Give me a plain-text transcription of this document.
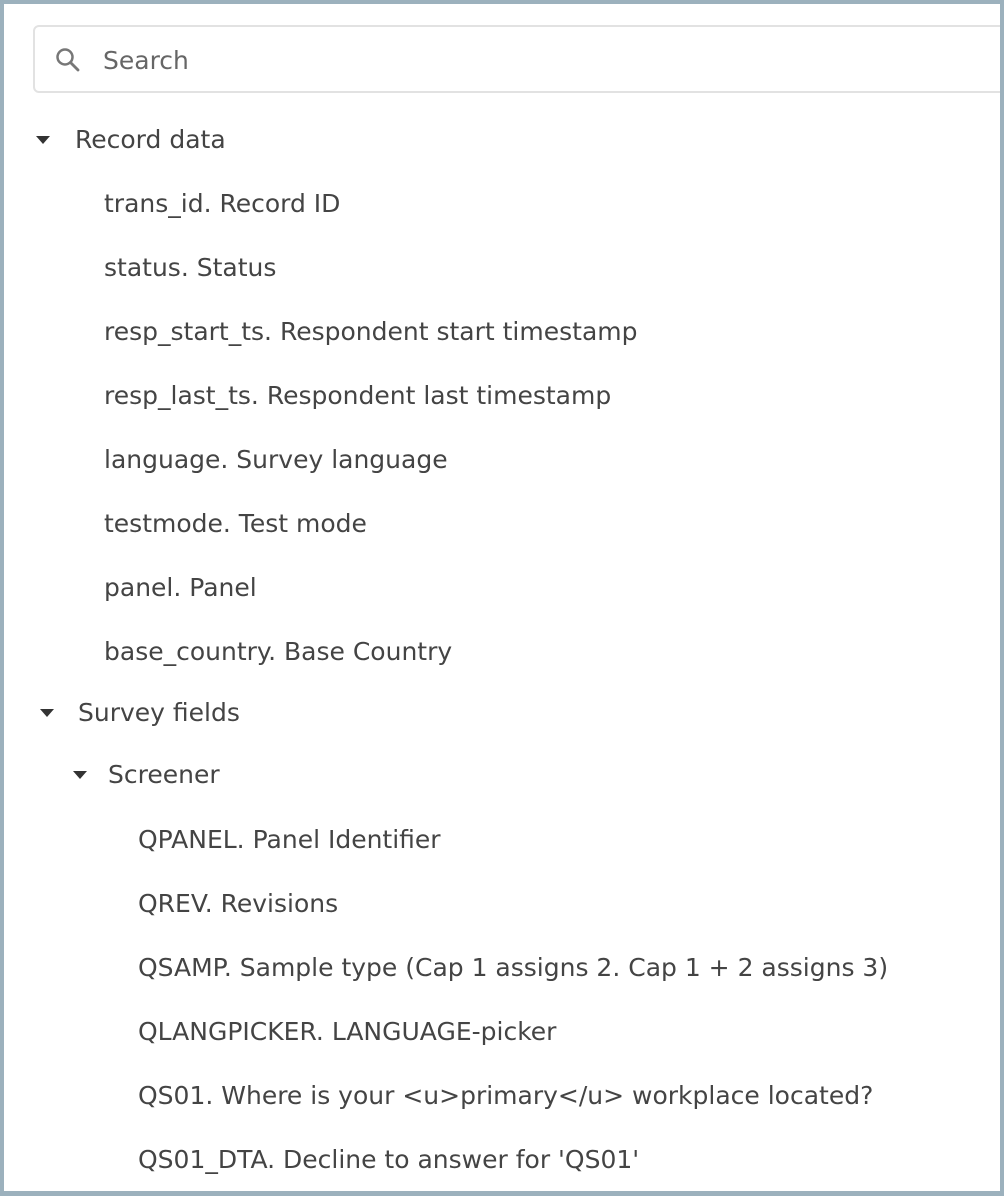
Search
Record data
trans_id. Record ID
status. Status
resp_start_ts. Respondent start timestamp
resp_last_ts. Respondent last timestamp
language. Survey language
testmode. Test mode
panel. Panel
base_country. Base Country
Survey fields
Screener
QPANEL. Panel Identifier
QREV. Revisions
QSAMP. Sample type (Cap 1 assigns 2. Cap 1 + 2 assigns 3)
QLANGPICKER. LANGUAGE-picker
QS01. Where is your <u>primary</u> workplace located?
QS01_DTA. Decline to answer for 'QS01'
